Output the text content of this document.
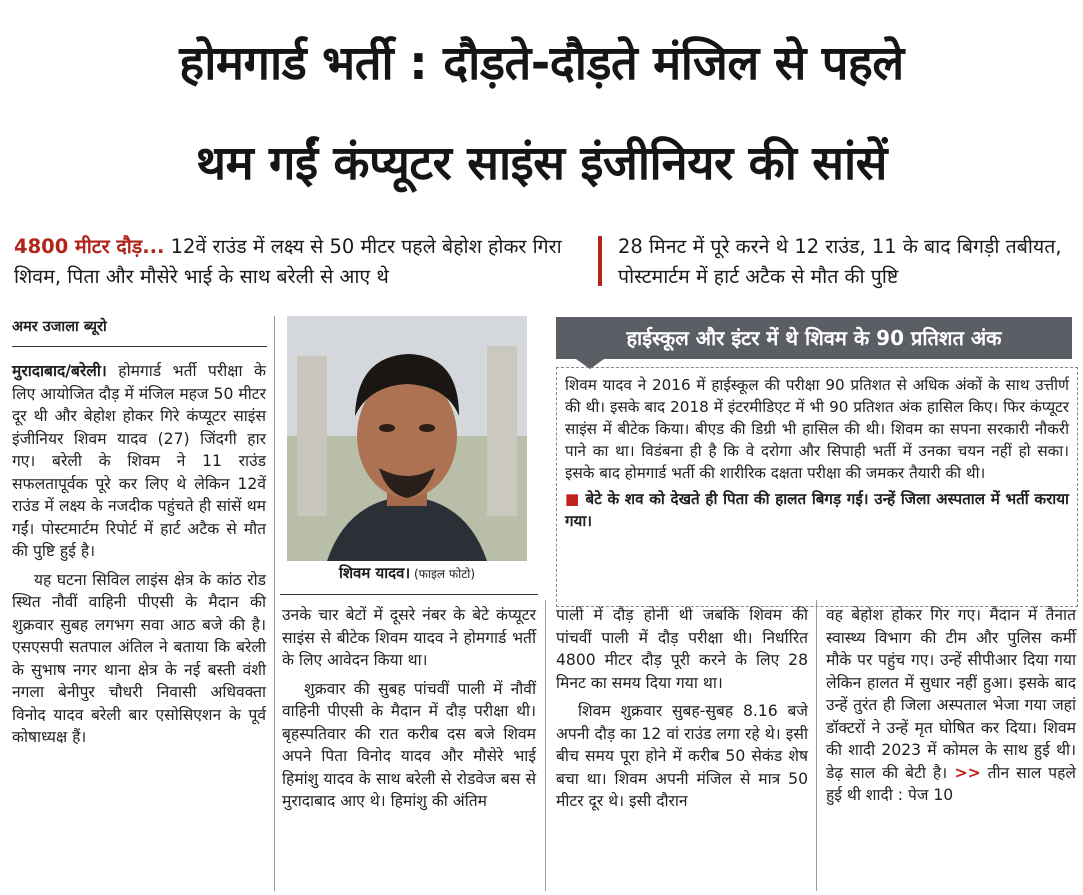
होमगार्ड भर्ती : दौड़ते-दौड़ते मंजिल से पहले
थम गईं कंप्यूटर साइंस इंजीनियर की सांसें
4800 मीटर दौड़... 12वें राउंड में लक्ष्य से 50 मीटर पहले बेहोश होकर गिरा शिवम, पिता और मौसेरे भाई के साथ बरेली से आए थे
28 मिनट में पूरे करने थे 12 राउंड, 11 के बाद बिगड़ी तबीयत, पोस्टमार्टम में हार्ट अटैक से मौत की पुष्टि
अमर उजाला ब्यूरो

मुरादाबाद/बरेली। होमगार्ड भर्ती परीक्षा के लिए आयोजित दौड़ में मंजिल महज 50 मीटर दूर थी और बेहोश होकर गिरे कंप्यूटर साइंस इंजीनियर शिवम यादव (27) जिंदगी हार गए। बरेली के शिवम ने 11 राउंड सफलतापूर्वक पूरे कर लिए थे लेकिन 12वें राउंड में लक्ष्य के नजदीक पहुंचते ही सांसें थम गईं। पोस्टमार्टम रिपोर्ट में हार्ट अटैक से मौत की पुष्टि हुई है।

यह घटना सिविल लाइंस क्षेत्र के कांठ रोड स्थित नौवीं वाहिनी पीएसी के मैदान की शुक्रवार सुबह लगभग सवा आठ बजे की है। एसएसपी सतपाल अंतिल ने बताया कि बरेली के सुभाष नगर थाना क्षेत्र के नई बस्ती वंशी नगला बेनीपुर चौधरी निवासी अधिवक्ता विनोद यादव बरेली बार एसोसिएशन के पूर्व कोषाध्यक्ष हैं।

शिवम यादव। (फाइल फोटो)

उनके चार बेटों में दूसरे नंबर के बेटे कंप्यूटर साइंस से बीटेक शिवम यादव ने होमगार्ड भर्ती के लिए आवेदन किया था।

शुक्रवार की सुबह पांचवीं पाली में नौवीं वाहिनी पीएसी के मैदान में दौड़ परीक्षा थी। बृहस्पतिवार की रात करीब दस बजे शिवम अपने पिता विनोद यादव और मौसेरे भाई हिमांशु यादव के साथ बरेली से रोडवेज बस से मुरादाबाद आए थे। हिमांशु की अंतिम

पाली में दौड़ होनी थी जबकि शिवम की पांचवीं पाली में दौड़ परीक्षा थी। निर्धारित 4800 मीटर दौड़ पूरी करने के लिए 28 मिनट का समय दिया गया था।

शिवम शुक्रवार सुबह-सुबह 8.16 बजे अपनी दौड़ का 12 वां राउंड लगा रहे थे। इसी बीच समय पूरा होने में करीब 50 सेकंड शेष बचा था। शिवम अपनी मंजिल से मात्र 50 मीटर दूर थे। इसी दौरान

वह बेहोश होकर गिर गए। मैदान में तैनात स्वास्थ्य विभाग की टीम और पुलिस कर्मी मौके पर पहुंच गए। उन्हें सीपीआर दिया गया लेकिन हालत में सुधार नहीं हुआ। इसके बाद उन्हें तुरंत ही जिला अस्पताल भेजा गया जहां डॉक्टरों ने उन्हें मृत घोषित कर दिया। शिवम की शादी 2023 में कोमल के साथ हुई थी। डेढ़ साल की बेटी है। >> तीन साल पहले हुई थी शादी : पेज 10

हाईस्कूल और इंटर में थे शिवम के 90 प्रतिशत अंक
शिवम यादव ने 2016 में हाईस्कूल की परीक्षा 90 प्रतिशत से अधिक अंकों के साथ उत्तीर्ण की थी। इसके बाद 2018 में इंटरमीडिएट में भी 90 प्रतिशत अंक हासिल किए। फिर कंप्यूटर साइंस में बीटेक किया। बीएड की डिग्री भी हासिल की थी। शिवम का सपना सरकारी नौकरी पाने का था। विडंबना ही है कि वे दरोगा और सिपाही भर्ती में उनका चयन नहीं हो सका। इसके बाद होमगार्ड भर्ती की शारीरिक दक्षता परीक्षा की जमकर तैयारी की थी।
■ बेटे के शव को देखते ही पिता की हालत बिगड़ गई। उन्हें जिला अस्पताल में भर्ती कराया गया।
